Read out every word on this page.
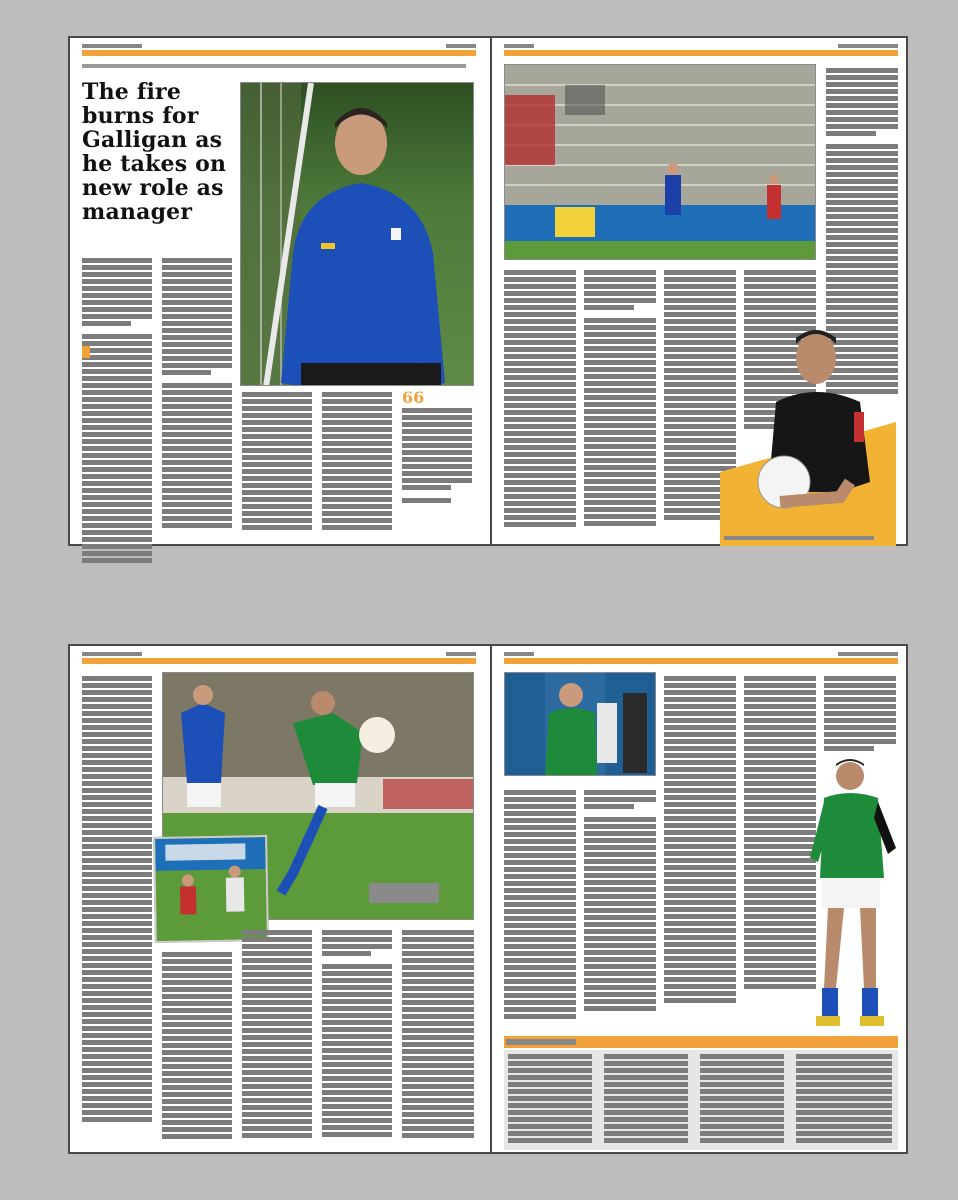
The fire burns for Galligan as he takes on new role as manager
66
